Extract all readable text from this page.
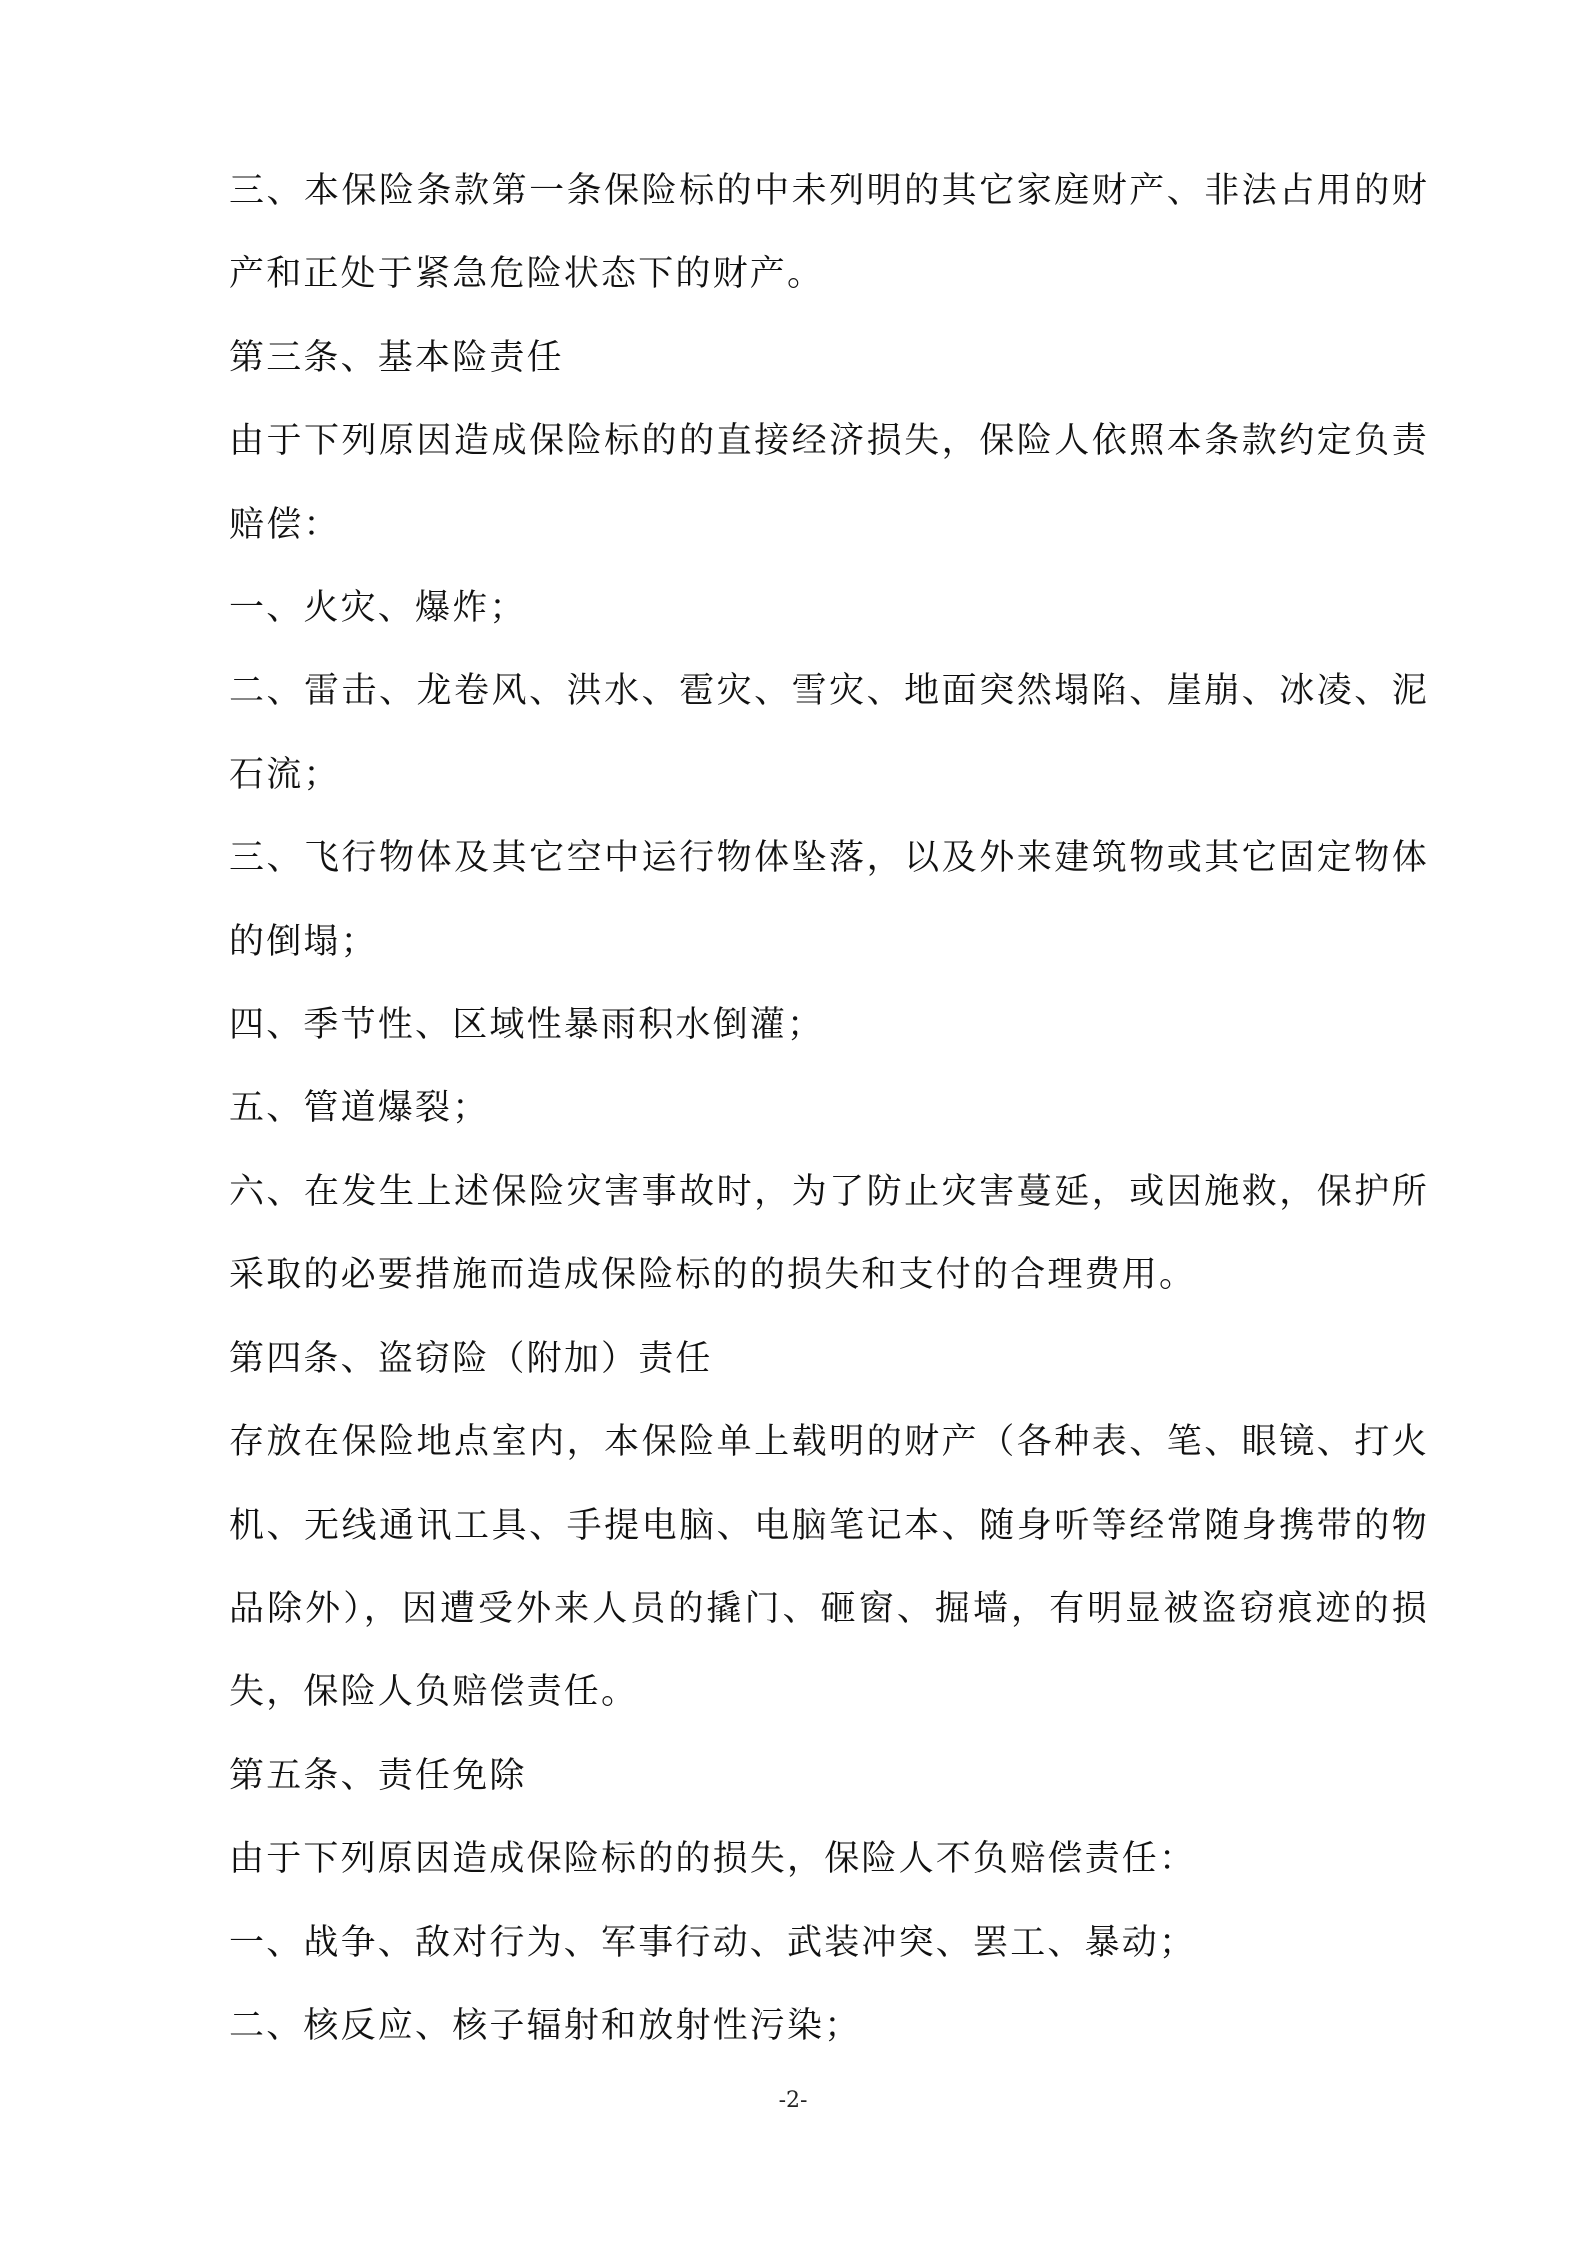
三、本保险条款第一条保险标的中未列明的其它家庭财产、非法占用的财产和正处于紧急危险状态下的财产。

第三条、基本险责任

由于下列原因造成保险标的的直接经济损失，保险人依照本条款约定负责赔偿：

一、火灾、爆炸；

二、雷击、龙卷风、洪水、雹灾、雪灾、地面突然塌陷、崖崩、冰凌、泥石流；

三、飞行物体及其它空中运行物体坠落，以及外来建筑物或其它固定物体的倒塌；

四、季节性、区域性暴雨积水倒灌；

五、管道爆裂；

六、在发生上述保险灾害事故时，为了防止灾害蔓延，或因施救，保护所采取的必要措施而造成保险标的的损失和支付的合理费用。

第四条、盗窃险（附加）责任

存放在保险地点室内，本保险单上载明的财产（各种表、笔、眼镜、打火机、无线通讯工具、手提电脑、电脑笔记本、随身听等经常随身携带的物品除外），因遭受外来人员的撬门、砸窗、掘墙，有明显被盗窃痕迹的损失，保险人负赔偿责任。

第五条、责任免除

由于下列原因造成保险标的的损失，保险人不负赔偿责任：

一、战争、敌对行为、军事行动、武装冲突、罢工、暴动；

二、核反应、核子辐射和放射性污染；

-2-
